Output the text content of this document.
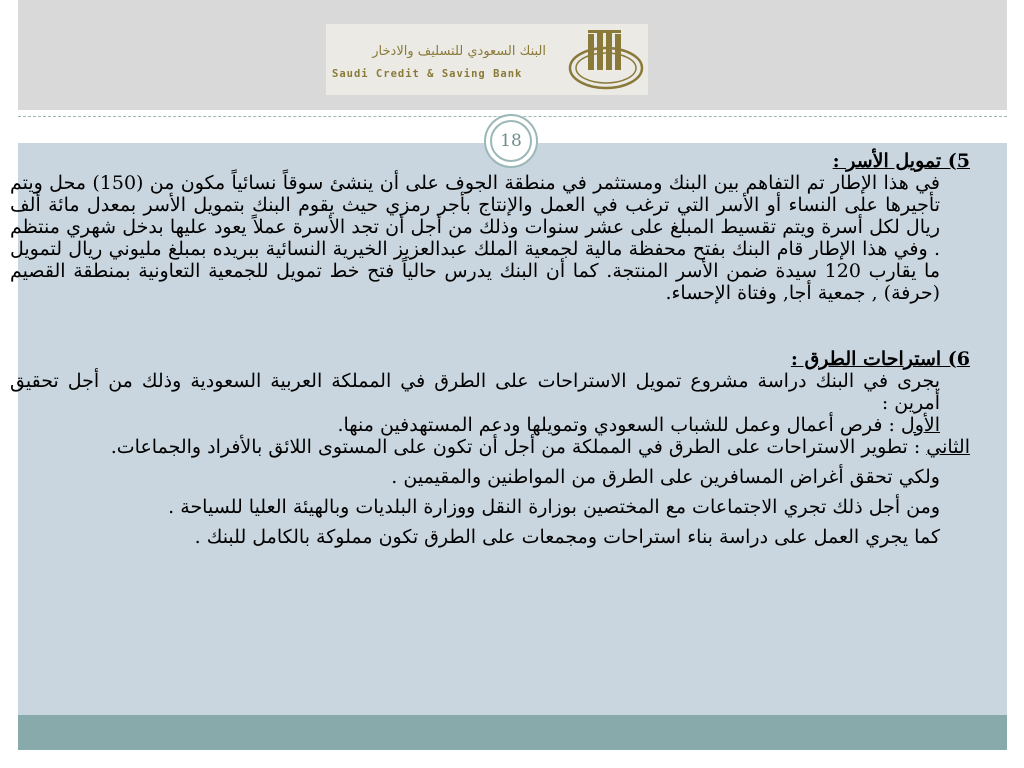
البنك السعودي للتسليف والادخار
Saudi Credit & Saving Bank
18

5) تمويل الأسر :

في هذا الإطار تم التفاهم بين البنك ومستثمر في منطقة الجوف على أن ينشئ سوقاً نسائياً مكون من (150) محل ويتم تأجيرها على النساء أو الأسر التي ترغب في العمل والإنتاج بأجر رمزي حيث يقوم البنك بتمويل الأسر بمعدل مائة ألف ريال لكل أسرة ويتم تقسيط المبلغ على عشر سنوات وذلك من أجل أن تجد الأسرة عملاً يعود عليها بدخل شهري منتظم . وفي هذا الإطار قام البنك بفتح محفظة مالية لجمعية الملك عبدالعزيز الخيرية النسائية ببريده بمبلغ مليوني ريال لتمويل ما يقارب 120 سيدة ضمن الأسر المنتجة. كما أن البنك يدرس حالياً فتح خط تمويل للجمعية التعاونية بمنطقة القصيم (حرفة) , جمعية أجا, وفتاة الإحساء.

6) استراحات الطرق :

يجرى في البنك دراسة مشروع تمويل الاستراحات على الطرق في المملكة العربية السعودية وذلك من أجل تحقيق أمرين :

الأول : فرص أعمال وعمل للشباب السعودي وتمويلها ودعم المستهدفين منها.

الثاني : تطوير الاستراحات على الطرق في المملكة من أجل أن تكون على المستوى اللائق بالأفراد والجماعات.

ولكي تحقق أغراض المسافرين على الطرق من المواطنين والمقيمين .

ومن أجل ذلك تجري الاجتماعات مع المختصين بوزارة النقل ووزارة البلديات وبالهيئة العليا للسياحة .

كما يجري العمل على دراسة بناء استراحات ومجمعات على الطرق تكون مملوكة بالكامل للبنك .
